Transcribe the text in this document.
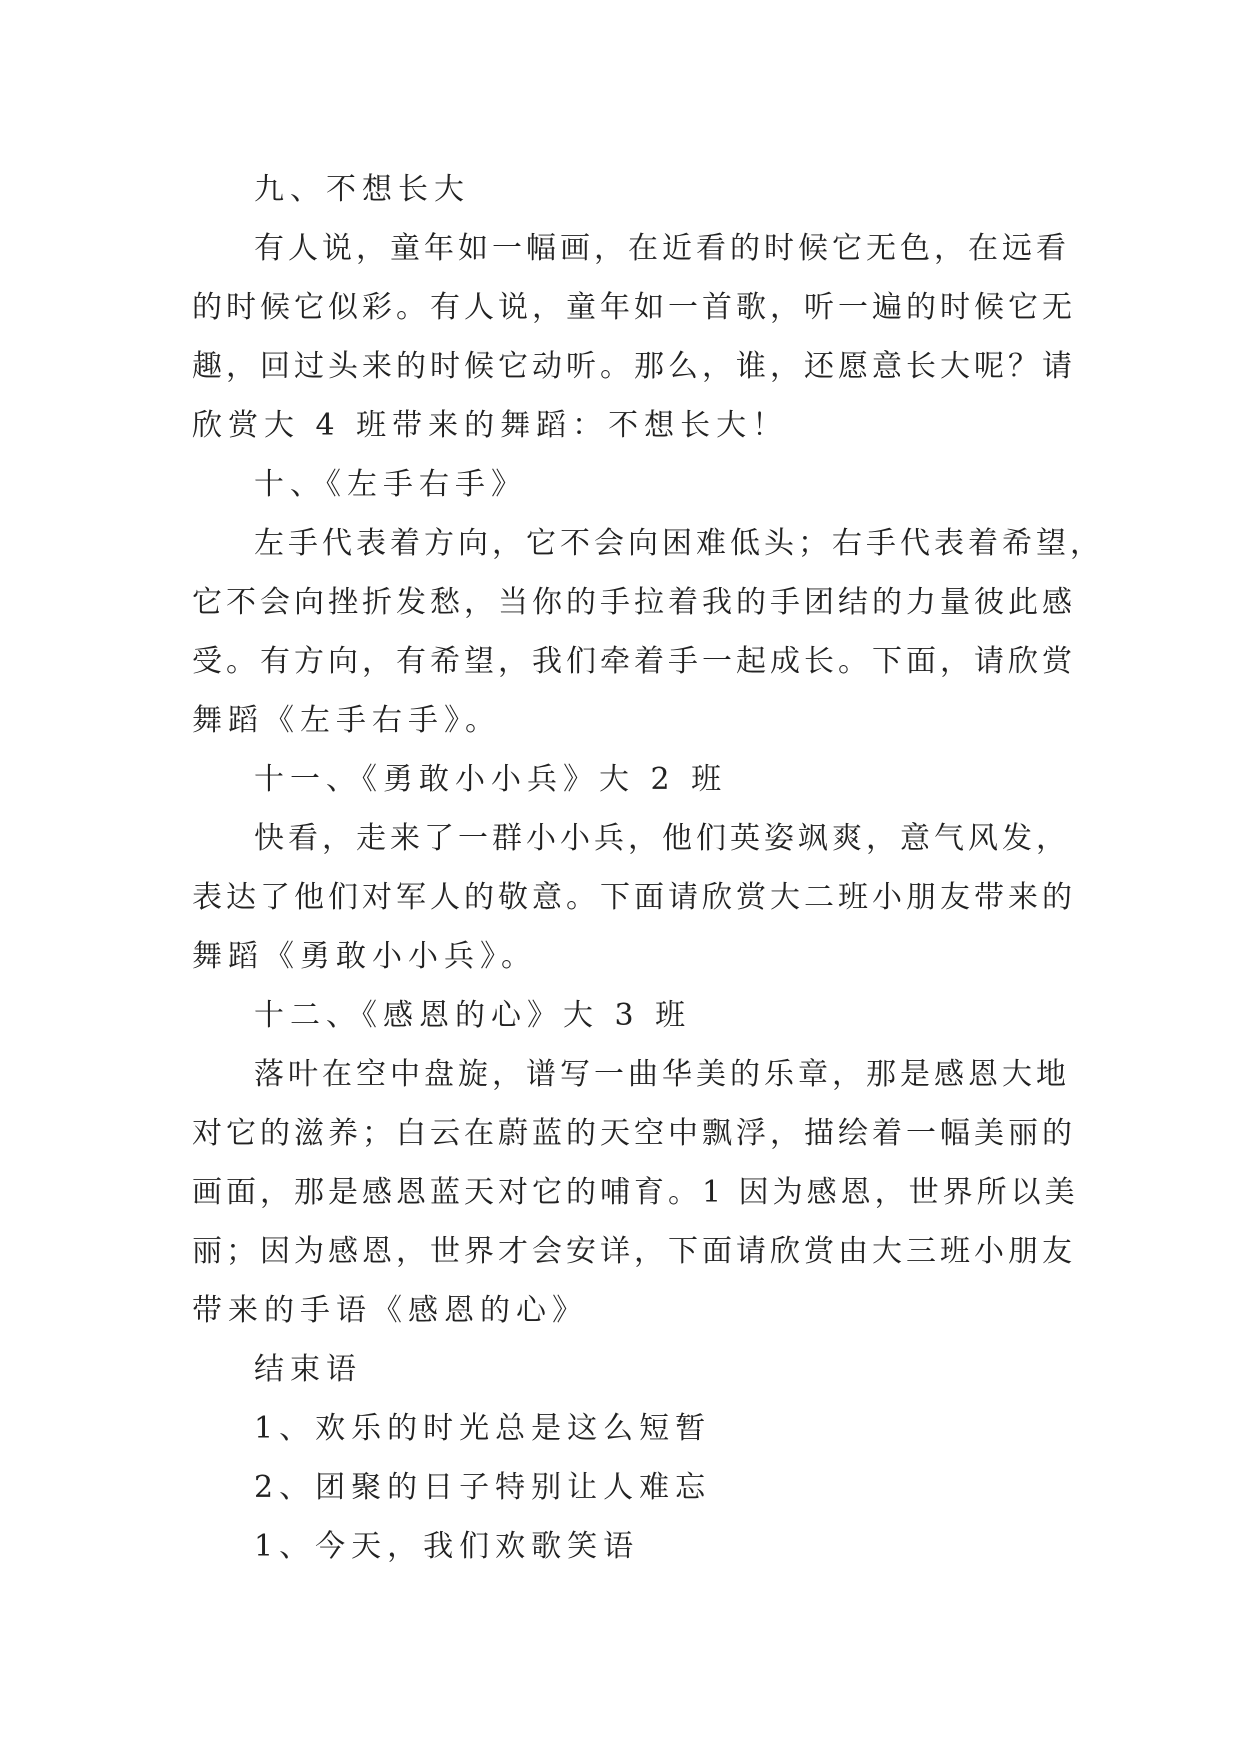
九、不想长大
有人说，童年如一幅画，在近看的时候它无色，在远看
的时候它似彩。有人说，童年如一首歌，听一遍的时候它无
趣，回过头来的时候它动听。那么，谁，还愿意长大呢？请
欣赏大 4 班带来的舞蹈：不想长大！
十、《左手右手》
左手代表着方向，它不会向困难低头；右手代表着希望，
它不会向挫折发愁，当你的手拉着我的手团结的力量彼此感
受。有方向，有希望，我们牵着手一起成长。下面，请欣赏
舞蹈《左手右手》。
十一、《勇敢小小兵》大 2 班
快看，走来了一群小小兵，他们英姿飒爽，意气风发，
表达了他们对军人的敬意。下面请欣赏大二班小朋友带来的
舞蹈《勇敢小小兵》。
十二、《感恩的心》大 3 班
落叶在空中盘旋，谱写一曲华美的乐章，那是感恩大地
对它的滋养；白云在蔚蓝的天空中飘浮，描绘着一幅美丽的
画面，那是感恩蓝天对它的哺育。1 因为感恩，世界所以美
丽；因为感恩，世界才会安详，下面请欣赏由大三班小朋友
带来的手语《感恩的心》
结束语
1、欢乐的时光总是这么短暂
2、团聚的日子特别让人难忘
1、今天，我们欢歌笑语
